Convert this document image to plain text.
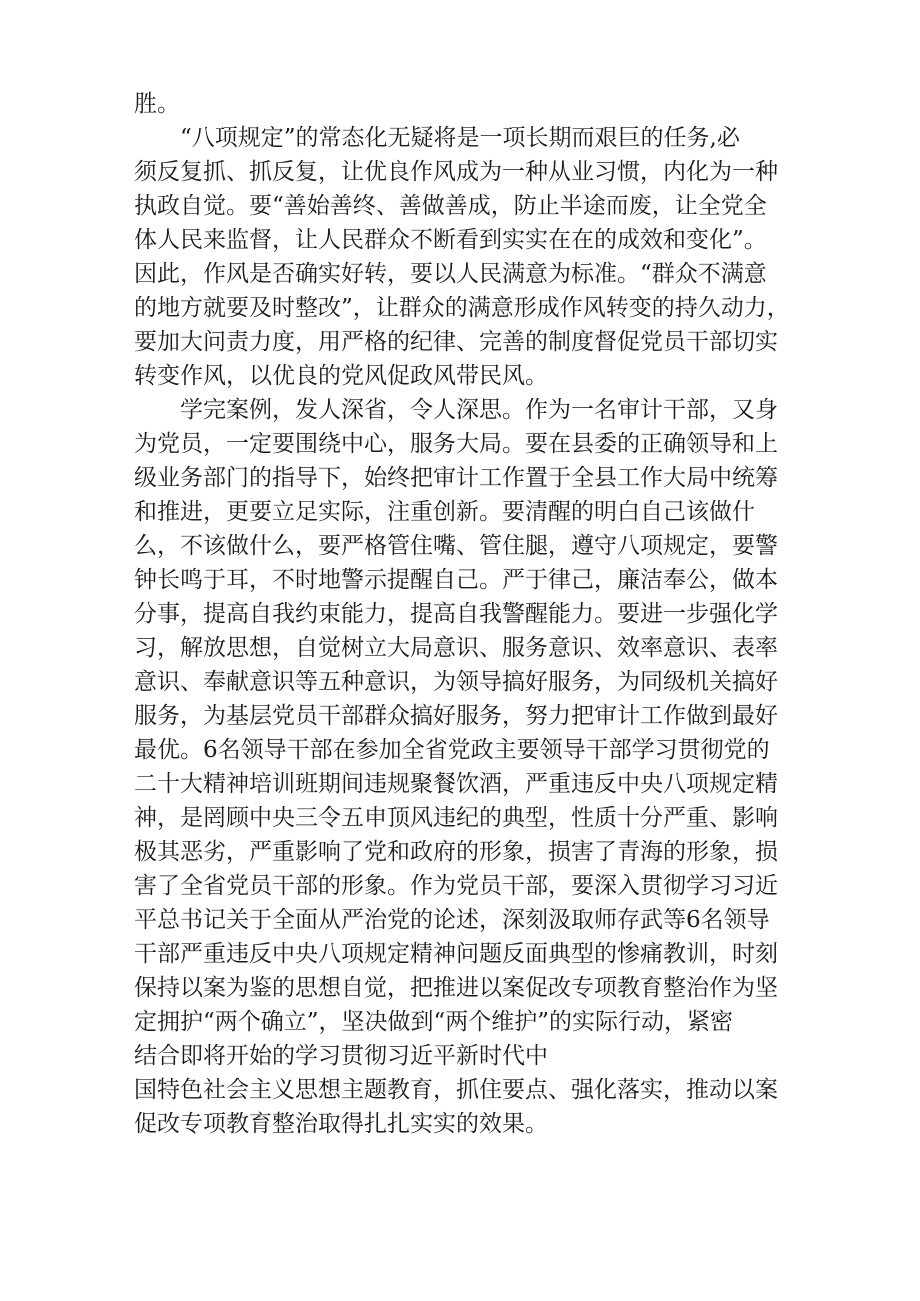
胜。
“八项规定”的常态化无疑将是一项长期而艰巨的任务,必
须反复抓、抓反复，让优良作风成为一种从业习惯，内化为一种
执政自觉。要“善始善终、善做善成，防止半途而废，让全党全
体人民来监督，让人民群众不断看到实实在在的成效和变化”。
因此，作风是否确实好转，要以人民满意为标准。“群众不满意
的地方就要及时整改”，让群众的满意形成作风转变的持久动力，
要加大问责力度，用严格的纪律、完善的制度督促党员干部切实
转变作风，以优良的党风促政风带民风。
学完案例，发人深省，令人深思。作为一名审计干部，又身
为党员，一定要围绕中心，服务大局。要在县委的正确领导和上
级业务部门的指导下，始终把审计工作置于全县工作大局中统筹
和推进，更要立足实际，注重创新。要清醒的明白自己该做什
么，不该做什么，要严格管住嘴、管住腿，遵守八项规定，要警
钟长鸣于耳，不时地警示提醒自己。严于律己，廉洁奉公，做本
分事，提高自我约束能力，提高自我警醒能力。要进一步强化学
习，解放思想，自觉树立大局意识、服务意识、效率意识、表率
意识、奉献意识等五种意识，为领导搞好服务，为同级机关搞好
服务，为基层党员干部群众搞好服务，努力把审计工作做到最好
最优。6名领导干部在参加全省党政主要领导干部学习贯彻党的
二十大精神培训班期间违规聚餐饮酒，严重违反中央八项规定精
神，是罔顾中央三令五申顶风违纪的典型，性质十分严重、影响
极其恶劣，严重影响了党和政府的形象，损害了青海的形象，损
害了全省党员干部的形象。作为党员干部，要深入贯彻学习习近
平总书记关于全面从严治党的论述，深刻汲取师存武等6名领导
干部严重违反中央八项规定精神问题反面典型的惨痛教训，时刻
保持以案为鉴的思想自觉，把推进以案促改专项教育整治作为坚
定拥护“两个确立”，坚决做到“两个维护”的实际行动，紧密
结合即将开始的学习贯彻习近平新时代中
国特色社会主义思想主题教育，抓住要点、强化落实，推动以案
促改专项教育整治取得扎扎实实的效果。
